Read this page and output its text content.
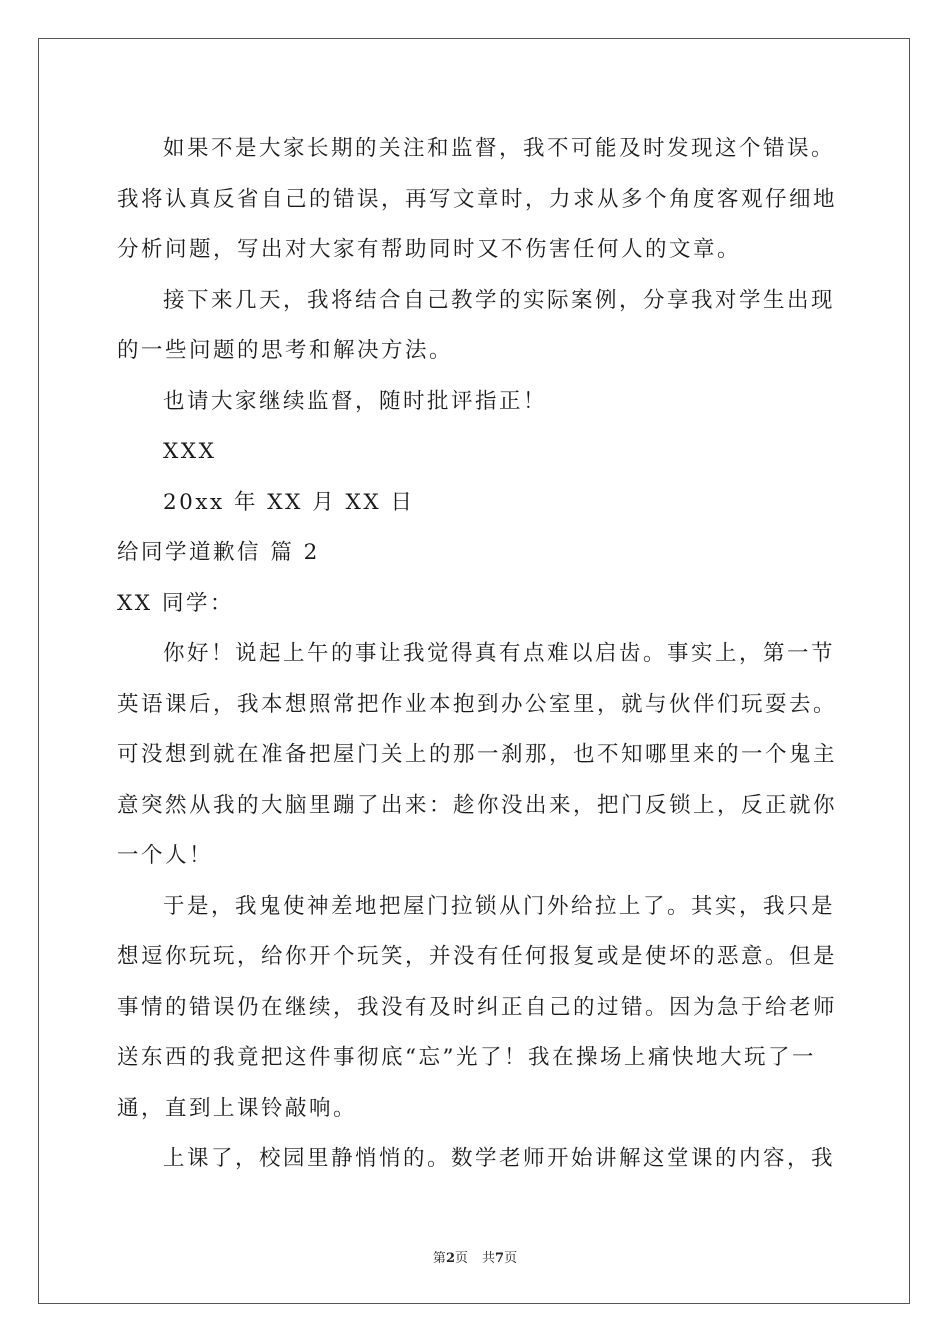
如果不是大家长期的关注和监督，我不可能及时发现这个错误。
我将认真反省自己的错误，再写文章时，力求从多个角度客观仔细地
分析问题，写出对大家有帮助同时又不伤害任何人的文章。
接下来几天，我将结合自己教学的实际案例，分享我对学生出现
的一些问题的思考和解决方法。
也请大家继续监督，随时批评指正！
XXX
20xx 年 XX 月 XX 日
给同学道歉信 篇 2
XX 同学：
你好！说起上午的事让我觉得真有点难以启齿。事实上，第一节
英语课后，我本想照常把作业本抱到办公室里，就与伙伴们玩耍去。
可没想到就在准备把屋门关上的那一刹那，也不知哪里来的一个鬼主
意突然从我的大脑里蹦了出来：趁你没出来，把门反锁上，反正就你
一个人！
于是，我鬼使神差地把屋门拉锁从门外给拉上了。其实，我只是
想逗你玩玩，给你开个玩笑，并没有任何报复或是使坏的恶意。但是
事情的错误仍在继续，我没有及时纠正自己的过错。因为急于给老师
送东西的我竟把这件事彻底“忘”光了！我在操场上痛快地大玩了一
通，直到上课铃敲响。
上课了，校园里静悄悄的。数学老师开始讲解这堂课的内容，我
第2页 共7页
